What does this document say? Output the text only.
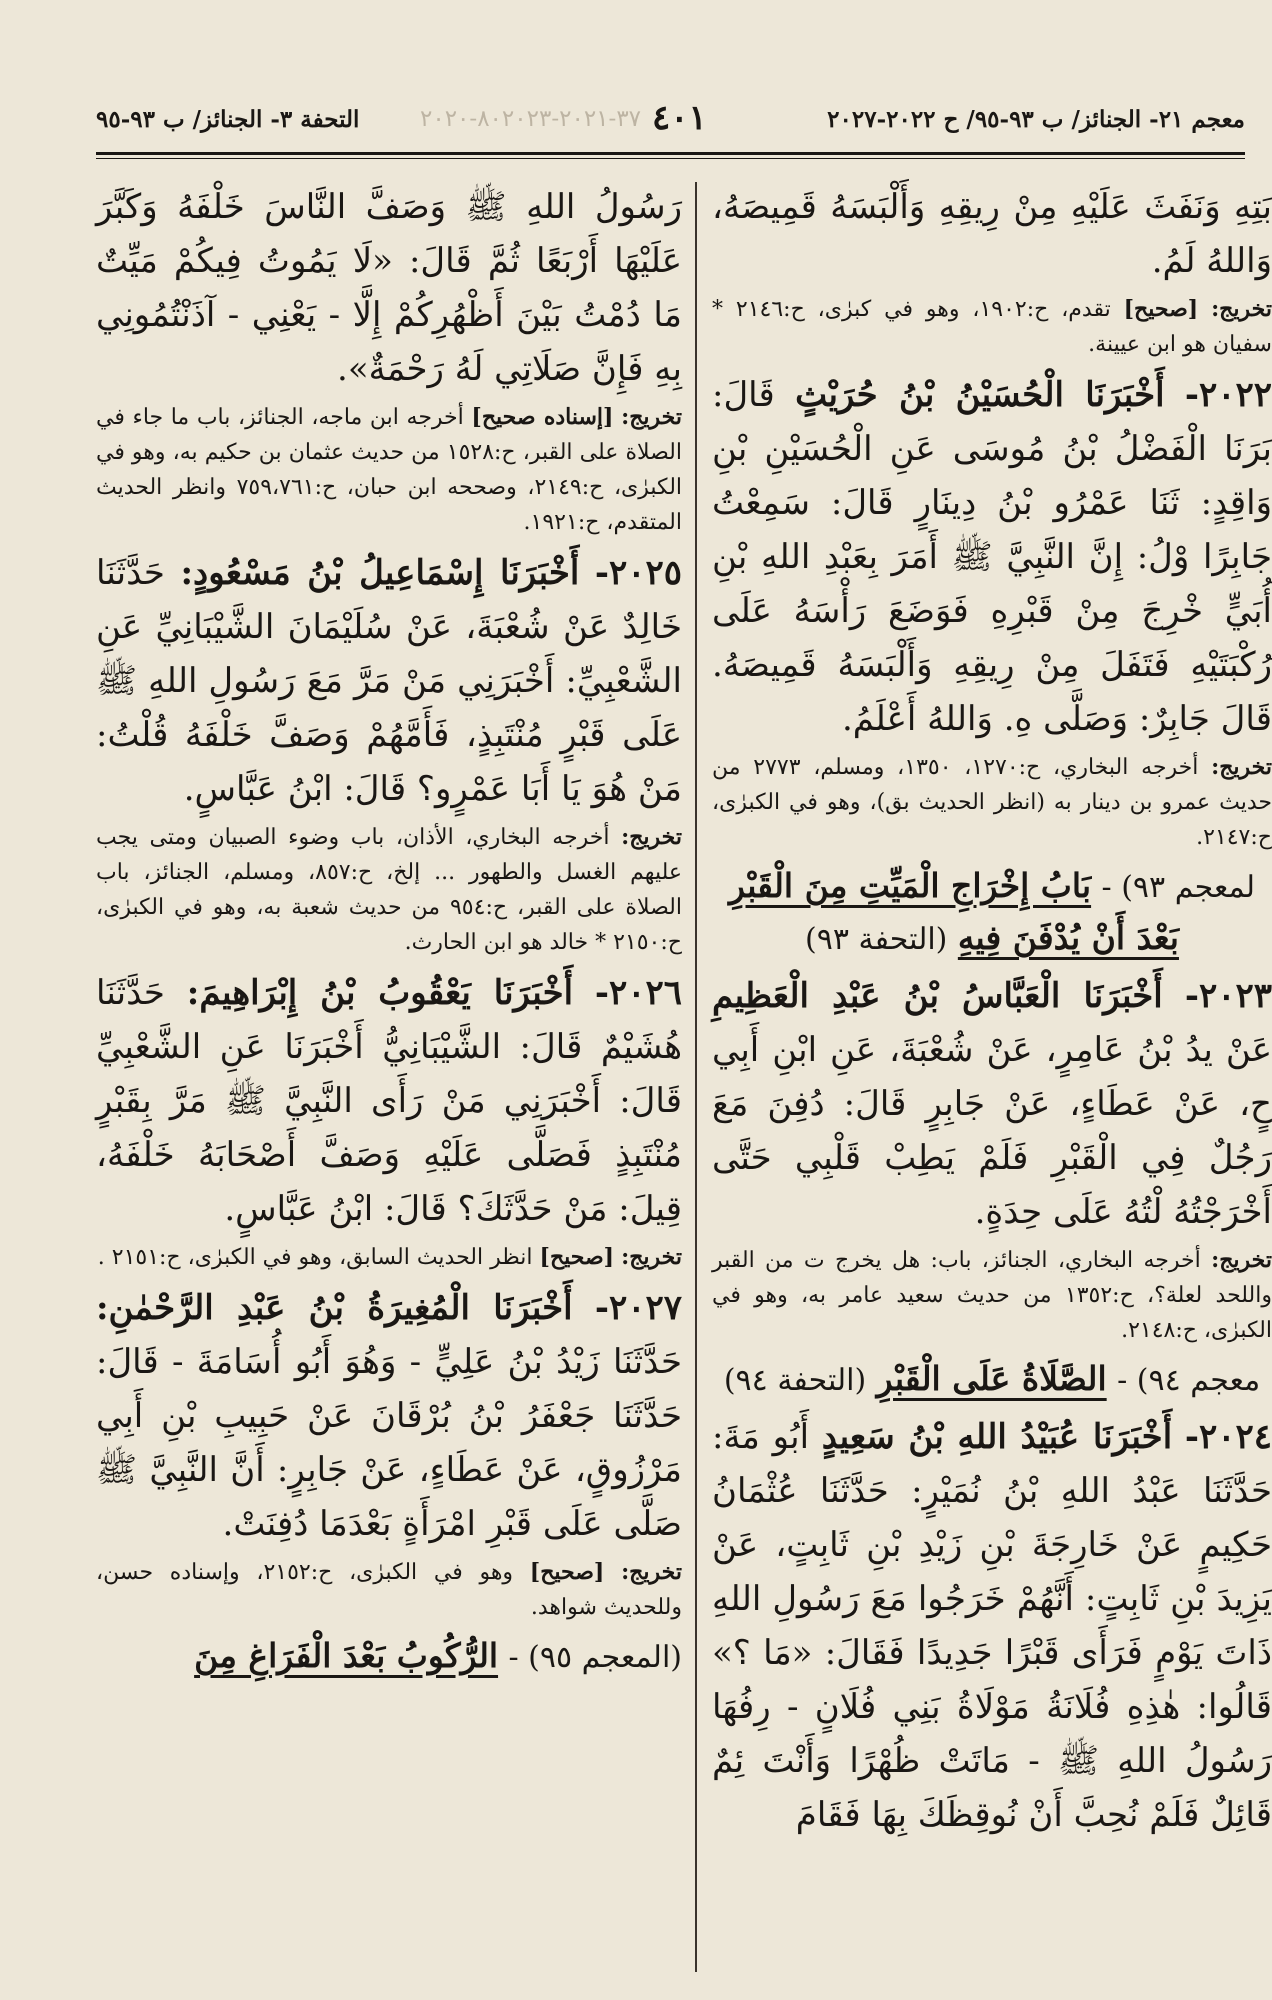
معجم ٢١- الجنائز/ ب ٩٣-٩٥/ ح ٢٠٢٢-٢٠٢٧
٤٠١
٣٧-٢٠٢١-٨٠٢٠٢٣-٢٠٢٠
التحفة ٣- الجنائز/ ب ٩٣-٩٥

رَسُولُ اللهِ ﷺ وَصَفَّ النَّاسَ خَلْفَهُ وَكَبَّرَ عَلَيْهَا أَرْبَعًا ثُمَّ قَالَ: «لَا يَمُوتُ فِيكُمْ مَيِّتٌ مَا دُمْتُ بَيْنَ أَظْهُرِكُمْ إِلَّا - يَعْنِي - آذَنْتُمُونِي بِهِ فَإِنَّ صَلَاتِي لَهُ رَحْمَةٌ».

تخريج: [إسناده صحيح] أخرجه ابن ماجه، الجنائز، باب ما جاء في الصلاة على القبر، ح:١٥٢٨ من حديث عثمان بن حكيم به، وهو في الكبرٰى، ح:٢١٤٩، وصححه ابن حبان، ح:٧٥٩،٧٦١ وانظر الحديث المتقدم، ح:١٩٢١.

٢٠٢٥- أَخْبَرَنَا إِسْمَاعِيلُ بْنُ مَسْعُودٍ: حَدَّثَنَا خَالِدٌ عَنْ شُعْبَةَ، عَنْ سُلَيْمَانَ الشَّيْبَانِيِّ عَنِ الشَّعْبِيِّ: أَخْبَرَنِي مَنْ مَرَّ مَعَ رَسُولِ اللهِ ﷺ عَلَى قَبْرٍ مُنْتَبِذٍ، فَأَمَّهُمْ وَصَفَّ خَلْفَهُ قُلْتُ: مَنْ هُوَ يَا أَبَا عَمْرٍو؟ قَالَ: ابْنُ عَبَّاسٍ.

تخريج: أخرجه البخاري، الأذان، باب وضوء الصبيان ومتى يجب عليهم الغسل والطهور ... إلخ، ح:٨٥٧، ومسلم، الجنائز، باب الصلاة على القبر، ح:٩٥٤ من حديث شعبة به، وهو في الكبرٰى، ح:٢١٥٠ * خالد هو ابن الحارث.

٢٠٢٦- أَخْبَرَنَا يَعْقُوبُ بْنُ إِبْرَاهِيمَ: حَدَّثَنَا هُشَيْمٌ قَالَ: الشَّيْبَانِيُّ أَخْبَرَنَا عَنِ الشَّعْبِيِّ قَالَ: أَخْبَرَنِي مَنْ رَأَى النَّبِيَّ ﷺ مَرَّ بِقَبْرٍ مُنْتَبِذٍ فَصَلَّى عَلَيْهِ وَصَفَّ أَصْحَابَهُ خَلْفَهُ، قِيلَ: مَنْ حَدَّثَكَ؟ قَالَ: ابْنُ عَبَّاسٍ.

تخريج: [صحيح] انظر الحديث السابق، وهو في الكبرٰى، ح:٢١٥١ .

٢٠٢٧- أَخْبَرَنَا الْمُغِيرَةُ بْنُ عَبْدِ الرَّحْمٰنِ: حَدَّثَنَا زَيْدُ بْنُ عَلِيٍّ - وَهُوَ أَبُو أُسَامَةَ - قَالَ: حَدَّثَنَا جَعْفَرُ بْنُ بُرْقَانَ عَنْ حَبِيبِ بْنِ أَبِي مَرْزُوقٍ، عَنْ عَطَاءٍ، عَنْ جَابِرٍ: أَنَّ النَّبِيَّ ﷺ صَلَّى عَلَى قَبْرِ امْرَأَةٍ بَعْدَمَا دُفِنَتْ.

تخريج: [صحيح] وهو في الكبرٰى، ح:٢١٥٢، وإسناده حسن، وللحديث شواهد.

(المعجم ٩٥) - الرُّكُوبُ بَعْدَ الْفَرَاغِ مِنَ

بَتِهِ وَنَفَثَ عَلَيْهِ مِنْ رِيقِهِ وَأَلْبَسَهُ قَمِيصَهُ، وَاللهُ لَمُ.

تخريج: [صحيح] تقدم، ح:١٩٠٢، وهو في كبرٰى، ح:٢١٤٦ * سفيان هو ابن عيينة.

٢٠٢٢- أَخْبَرَنَا الْحُسَيْنُ بْنُ حُرَيْثٍ قَالَ: بَرَنَا الْفَضْلُ بْنُ مُوسَى عَنِ الْحُسَيْنِ بْنِ وَاقِدٍ: ثَنَا عَمْرُو بْنُ دِينَارٍ قَالَ: سَمِعْتُ جَابِرًا وْلُ: إِنَّ النَّبِيَّ ﷺ أَمَرَ بِعَبْدِ اللهِ بْنِ أُبَيٍّ خْرِجَ مِنْ قَبْرِهِ فَوَضَعَ رَأْسَهُ عَلَى رُكْبَتَيْهِ فَتَفَلَ مِنْ رِيقِهِ وَأَلْبَسَهُ قَمِيصَهُ. قَالَ جَابِرٌ: وَصَلَّى هِ. وَاللهُ أَعْلَمُ.

تخريج: أخرجه البخاري، ح:١٢٧٠، ١٣٥٠، ومسلم، ٢٧٧٣ من حديث عمرو بن دينار به (انظر الحديث بق)، وهو في الكبرٰى، ح:٢١٤٧.

لمعجم ٩٣) - بَابُ إِخْرَاجِ الْمَيِّتِ مِنَ الْقَبْرِ
بَعْدَ أَنْ يُدْفَنَ فِيهِ (التحفة ٩٣)

٢٠٢٣- أَخْبَرَنَا الْعَبَّاسُ بْنُ عَبْدِ الْعَظِيمِ عَنْ يدُ بْنُ عَامِرٍ، عَنْ شُعْبَةَ، عَنِ ابْنِ أَبِي حٍ، عَنْ عَطَاءٍ، عَنْ جَابِرٍ قَالَ: دُفِنَ مَعَ رَجُلٌ فِي الْقَبْرِ فَلَمْ يَطِبْ قَلْبِي حَتَّى أَخْرَجْتُهُ لْتُهُ عَلَى حِدَةٍ.

تخريج: أخرجه البخاري، الجنائز، باب: هل يخرج ت من القبر واللحد لعلة؟، ح:١٣٥٢ من حديث سعيد عامر به، وهو في الكبرٰى، ح:٢١٤٨.

معجم ٩٤) - الصَّلَاةُ عَلَى الْقَبْرِ (التحفة ٩٤)

٢٠٢٤- أَخْبَرَنَا عُبَيْدُ اللهِ بْنُ سَعِيدٍ أَبُو مَةَ: حَدَّثَنَا عَبْدُ اللهِ بْنُ نُمَيْرٍ: حَدَّثَنَا عُثْمَانُ حَكِيمٍ عَنْ خَارِجَةَ بْنِ زَيْدِ بْنِ ثَابِتٍ، عَنْ يَزِيدَ بْنِ ثَابِتٍ: أَنَّهُمْ خَرَجُوا مَعَ رَسُولِ اللهِ ذَاتَ يَوْمٍ فَرَأَى قَبْرًا جَدِيدًا فَقَالَ: «مَا ؟» قَالُوا: هٰذِهِ فُلَانَةُ مَوْلَاةُ بَنِي فُلَانٍ - رِفُهَا رَسُولُ اللهِ ﷺ - مَاتَتْ ظُهْرًا وَأَنْتَ ئِمٌ قَائِلٌ فَلَمْ نُحِبَّ أَنْ نُوقِظَكَ بِهَا فَقَامَ
